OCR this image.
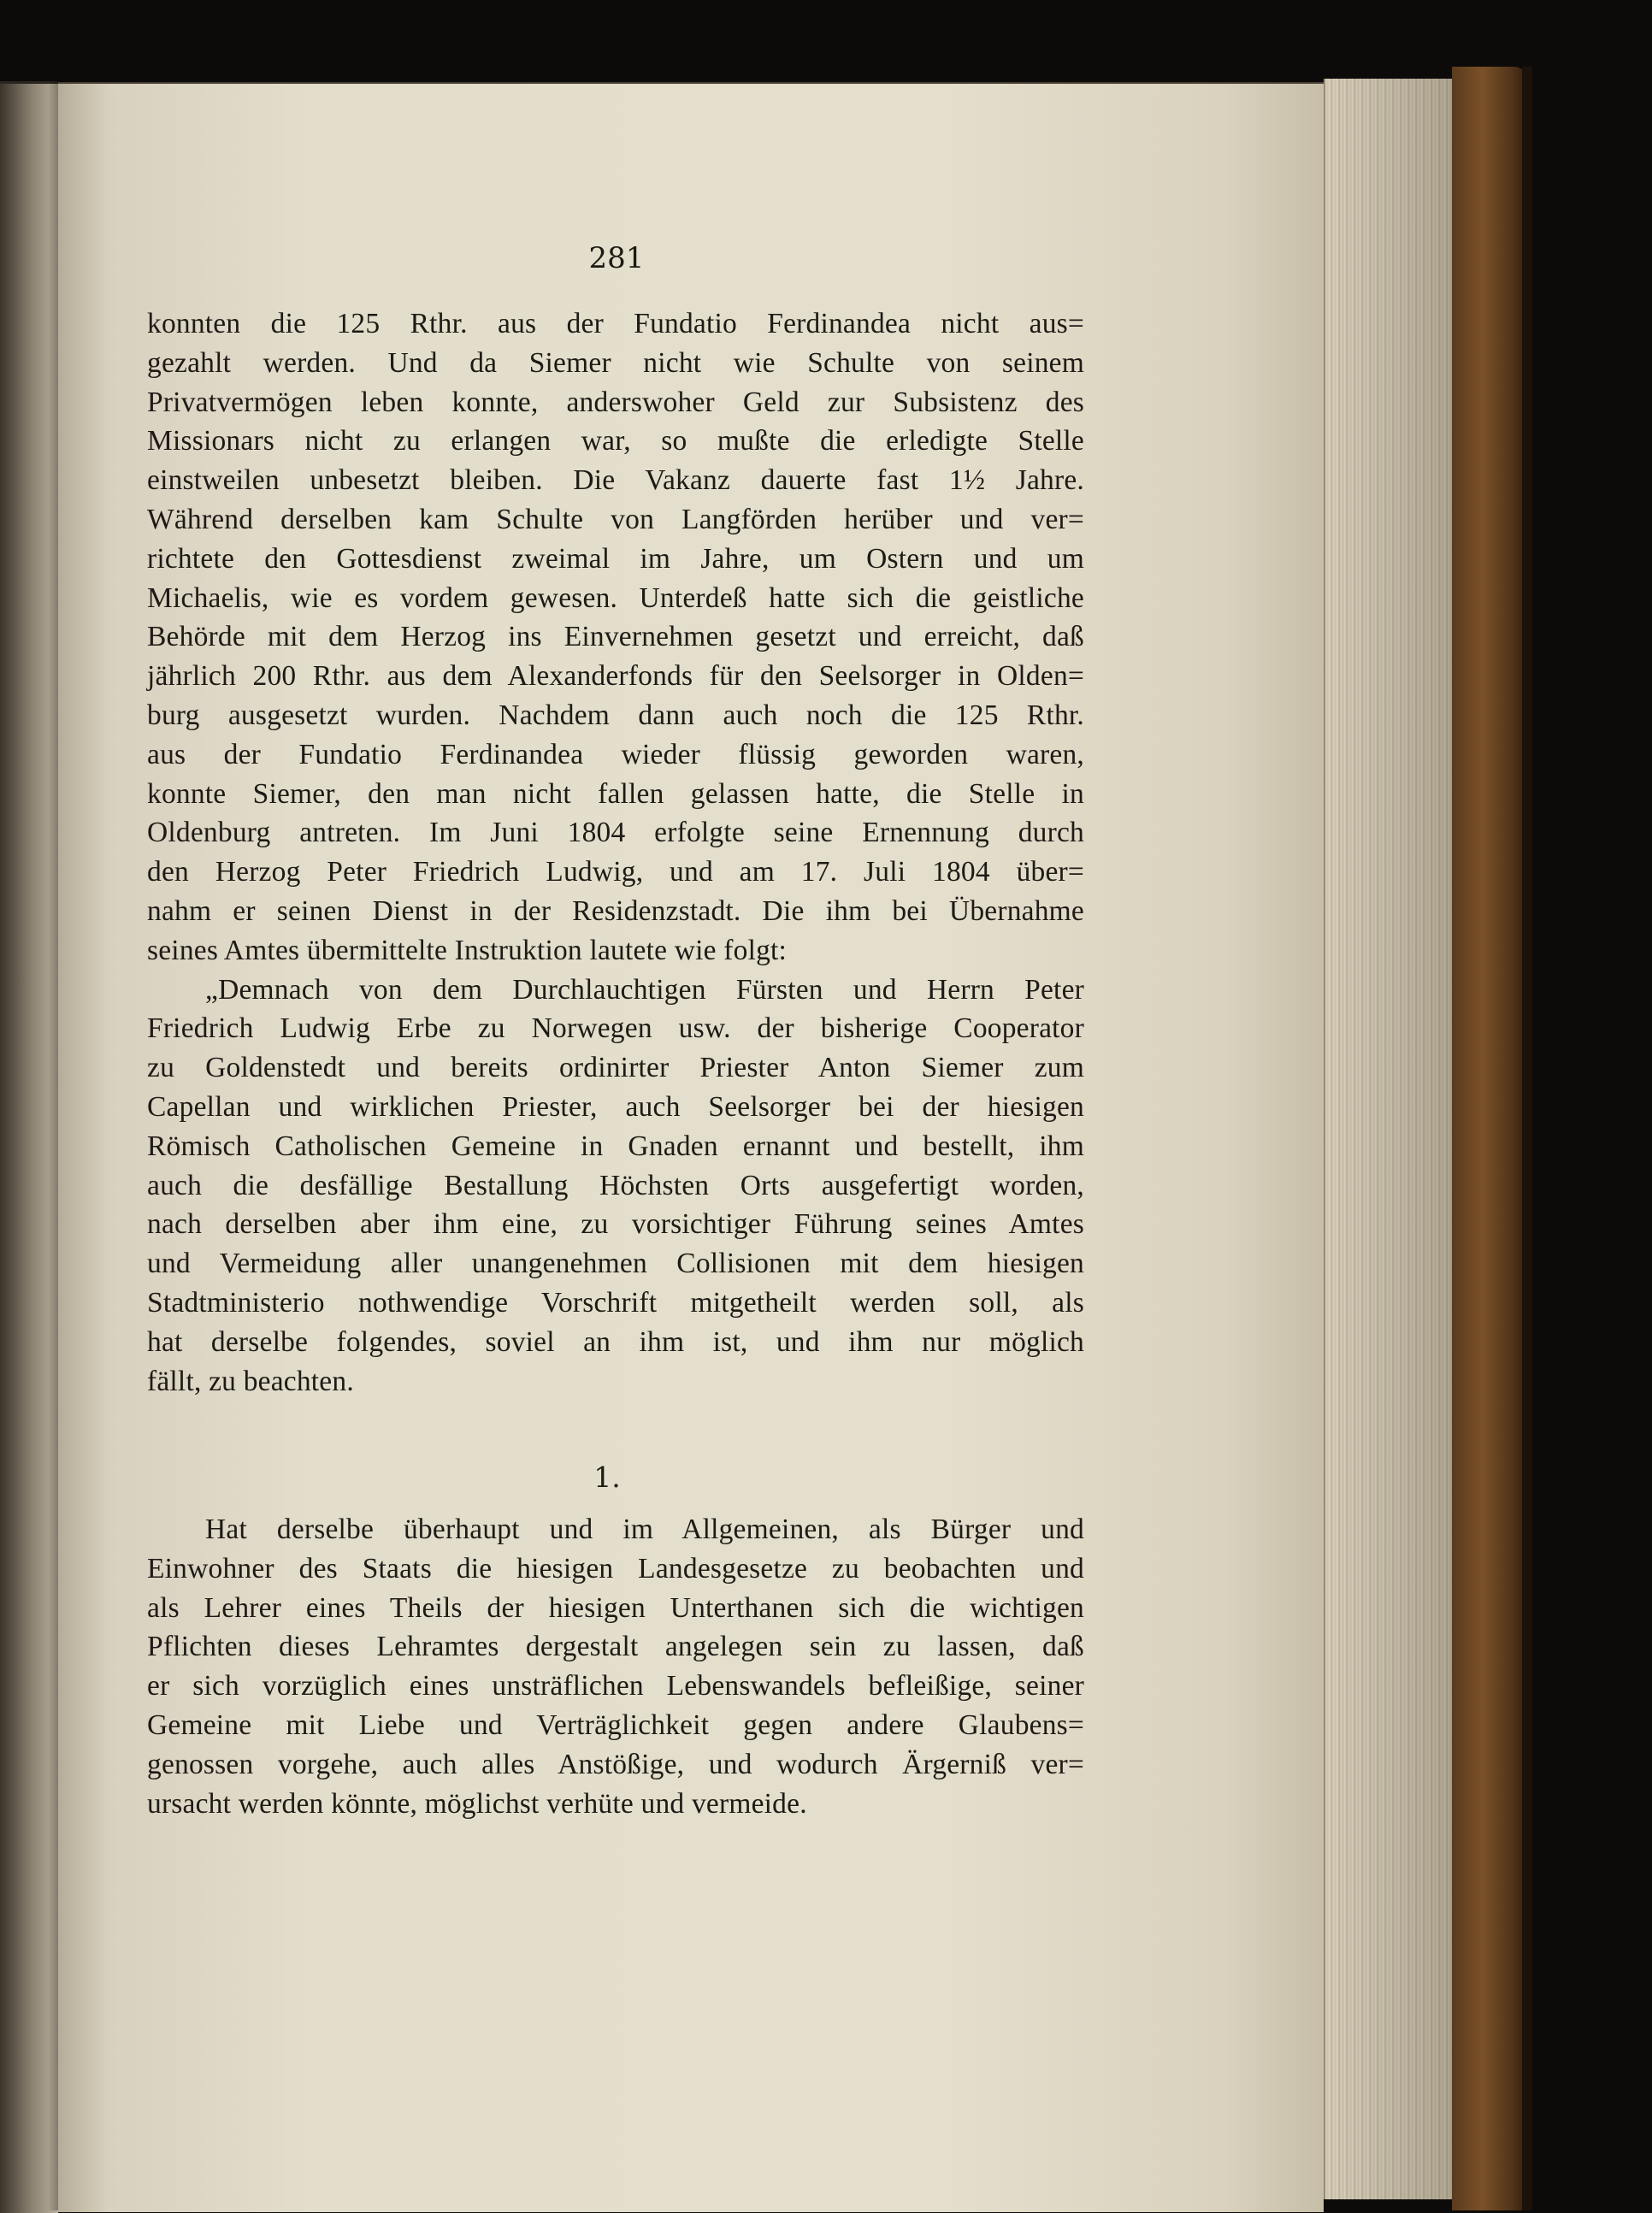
281
konnten die 125 Rthr. aus der Fundatio Ferdinandea nicht aus=
gezahlt werden. Und da Siemer nicht wie Schulte von seinem
Privatvermögen leben konnte, anderswoher Geld zur Subsistenz des
Missionars nicht zu erlangen war, so mußte die erledigte Stelle
einstweilen unbesetzt bleiben. Die Vakanz dauerte fast 1½ Jahre.
Während derselben kam Schulte von Langförden herüber und ver=
richtete den Gottesdienst zweimal im Jahre, um Ostern und um
Michaelis, wie es vordem gewesen. Unterdeß hatte sich die geistliche
Behörde mit dem Herzog ins Einvernehmen gesetzt und erreicht, daß
jährlich 200 Rthr. aus dem Alexanderfonds für den Seelsorger in Olden=
burg ausgesetzt wurden. Nachdem dann auch noch die 125 Rthr.
aus der Fundatio Ferdinandea wieder flüssig geworden waren,
konnte Siemer, den man nicht fallen gelassen hatte, die Stelle in
Oldenburg antreten. Im Juni 1804 erfolgte seine Ernennung durch
den Herzog Peter Friedrich Ludwig, und am 17. Juli 1804 über=
nahm er seinen Dienst in der Residenzstadt. Die ihm bei Übernahme
seines Amtes übermittelte Instruktion lautete wie folgt:
„Demnach von dem Durchlauchtigen Fürsten und Herrn Peter
Friedrich Ludwig Erbe zu Norwegen usw. der bisherige Cooperator
zu Goldenstedt und bereits ordinirter Priester Anton Siemer zum
Capellan und wirklichen Priester, auch Seelsorger bei der hiesigen
Römisch Catholischen Gemeine in Gnaden ernannt und bestellt, ihm
auch die desfällige Bestallung Höchsten Orts ausgefertigt worden,
nach derselben aber ihm eine, zu vorsichtiger Führung seines Amtes
und Vermeidung aller unangenehmen Collisionen mit dem hiesigen
Stadtministerio nothwendige Vorschrift mitgetheilt werden soll, als
hat derselbe folgendes, soviel an ihm ist, und ihm nur möglich
fällt, zu beachten.
1.
Hat derselbe überhaupt und im Allgemeinen, als Bürger und
Einwohner des Staats die hiesigen Landesgesetze zu beobachten und
als Lehrer eines Theils der hiesigen Unterthanen sich die wichtigen
Pflichten dieses Lehramtes dergestalt angelegen sein zu lassen, daß
er sich vorzüglich eines unsträflichen Lebenswandels befleißige, seiner
Gemeine mit Liebe und Verträglichkeit gegen andere Glaubens=
genossen vorgehe, auch alles Anstößige, und wodurch Ärgerniß ver=
ursacht werden könnte, möglichst verhüte und vermeide.
